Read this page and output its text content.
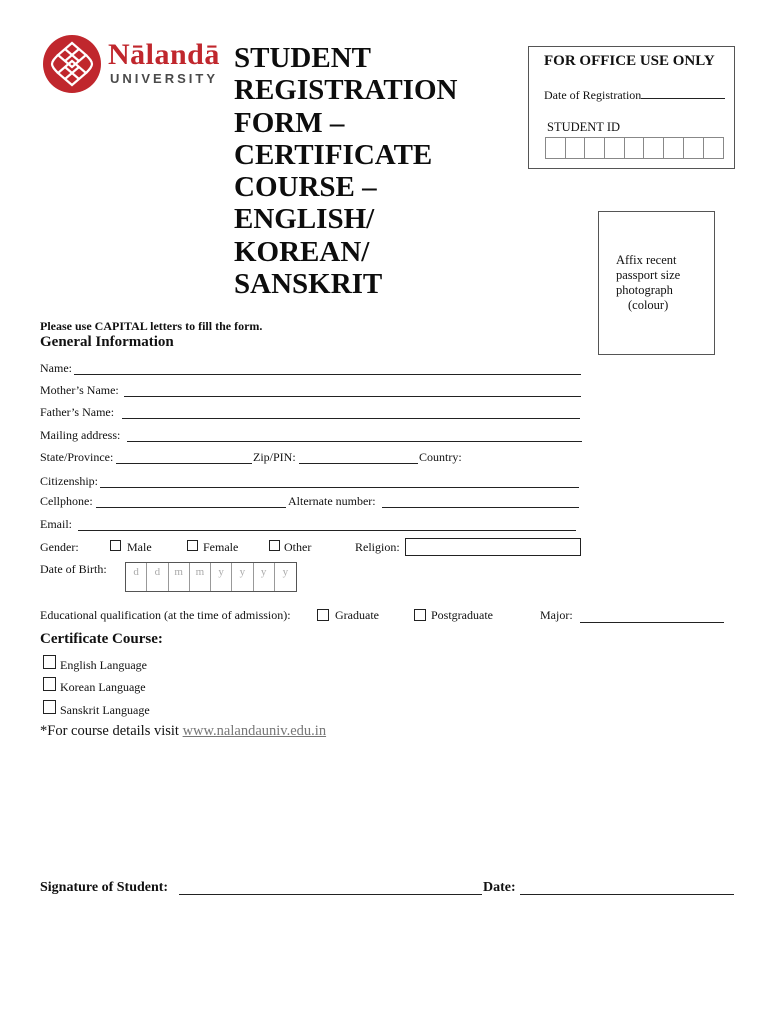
Nālandā
UNIVERSITY
STUDENT
REGISTRATION
FORM –
CERTIFICATE
COURSE –
ENGLISH/
KOREAN/
SANSKRIT
FOR OFFICE USE ONLY
Date of Registration
STUDENT ID
Affix recent
passport size
photograph
(colour)
Please use CAPITAL letters to fill the form.
General Information
Name:
Mother’s Name:
Father’s Name:
Mailing address:
State/Province:	Zip/PIN:	Country:
Citizenship:
Cellphone:	Alternate number:
Email:
Gender:	Male	Female	Other	Religion:
Date of Birth:	d	d	m	m	y	y	y	y
Educational qualification (at the time of admission):	Graduate	Postgraduate	Major:
Certificate Course:
English Language
Korean Language
Sanskrit Language
*For course details visit www.nalandauniv.edu.in
Signature of Student:	Date:
